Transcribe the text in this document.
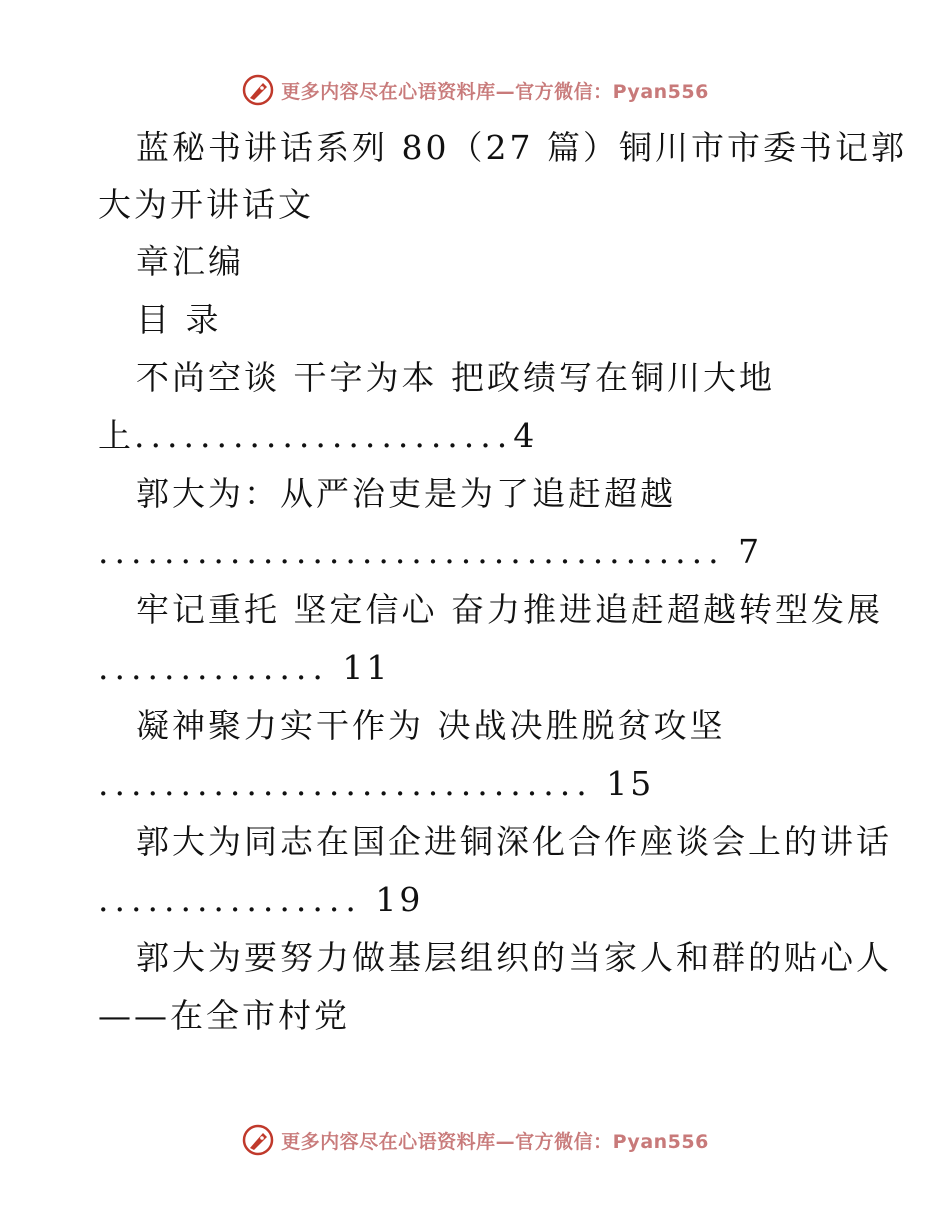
更多内容尽在心语资料库—官方微信：Pyan556
蓝秘书讲话系列 80（27 篇）铜川市市委书记郭
大为开讲话文
章汇编
目 录
不尚空谈 干字为本 把政绩写在铜川大地
上.......................4
郭大为：从严治吏是为了追赶超越
...................................... 7
牢记重托 坚定信心 奋力推进追赶超越转型发展
.............. 11
凝神聚力实干作为 决战决胜脱贫攻坚
.............................. 15
郭大为同志在国企进铜深化合作座谈会上的讲话
................ 19
郭大为要努力做基层组织的当家人和群的贴心人
——在全市村党
更多内容尽在心语资料库—官方微信：Pyan556
